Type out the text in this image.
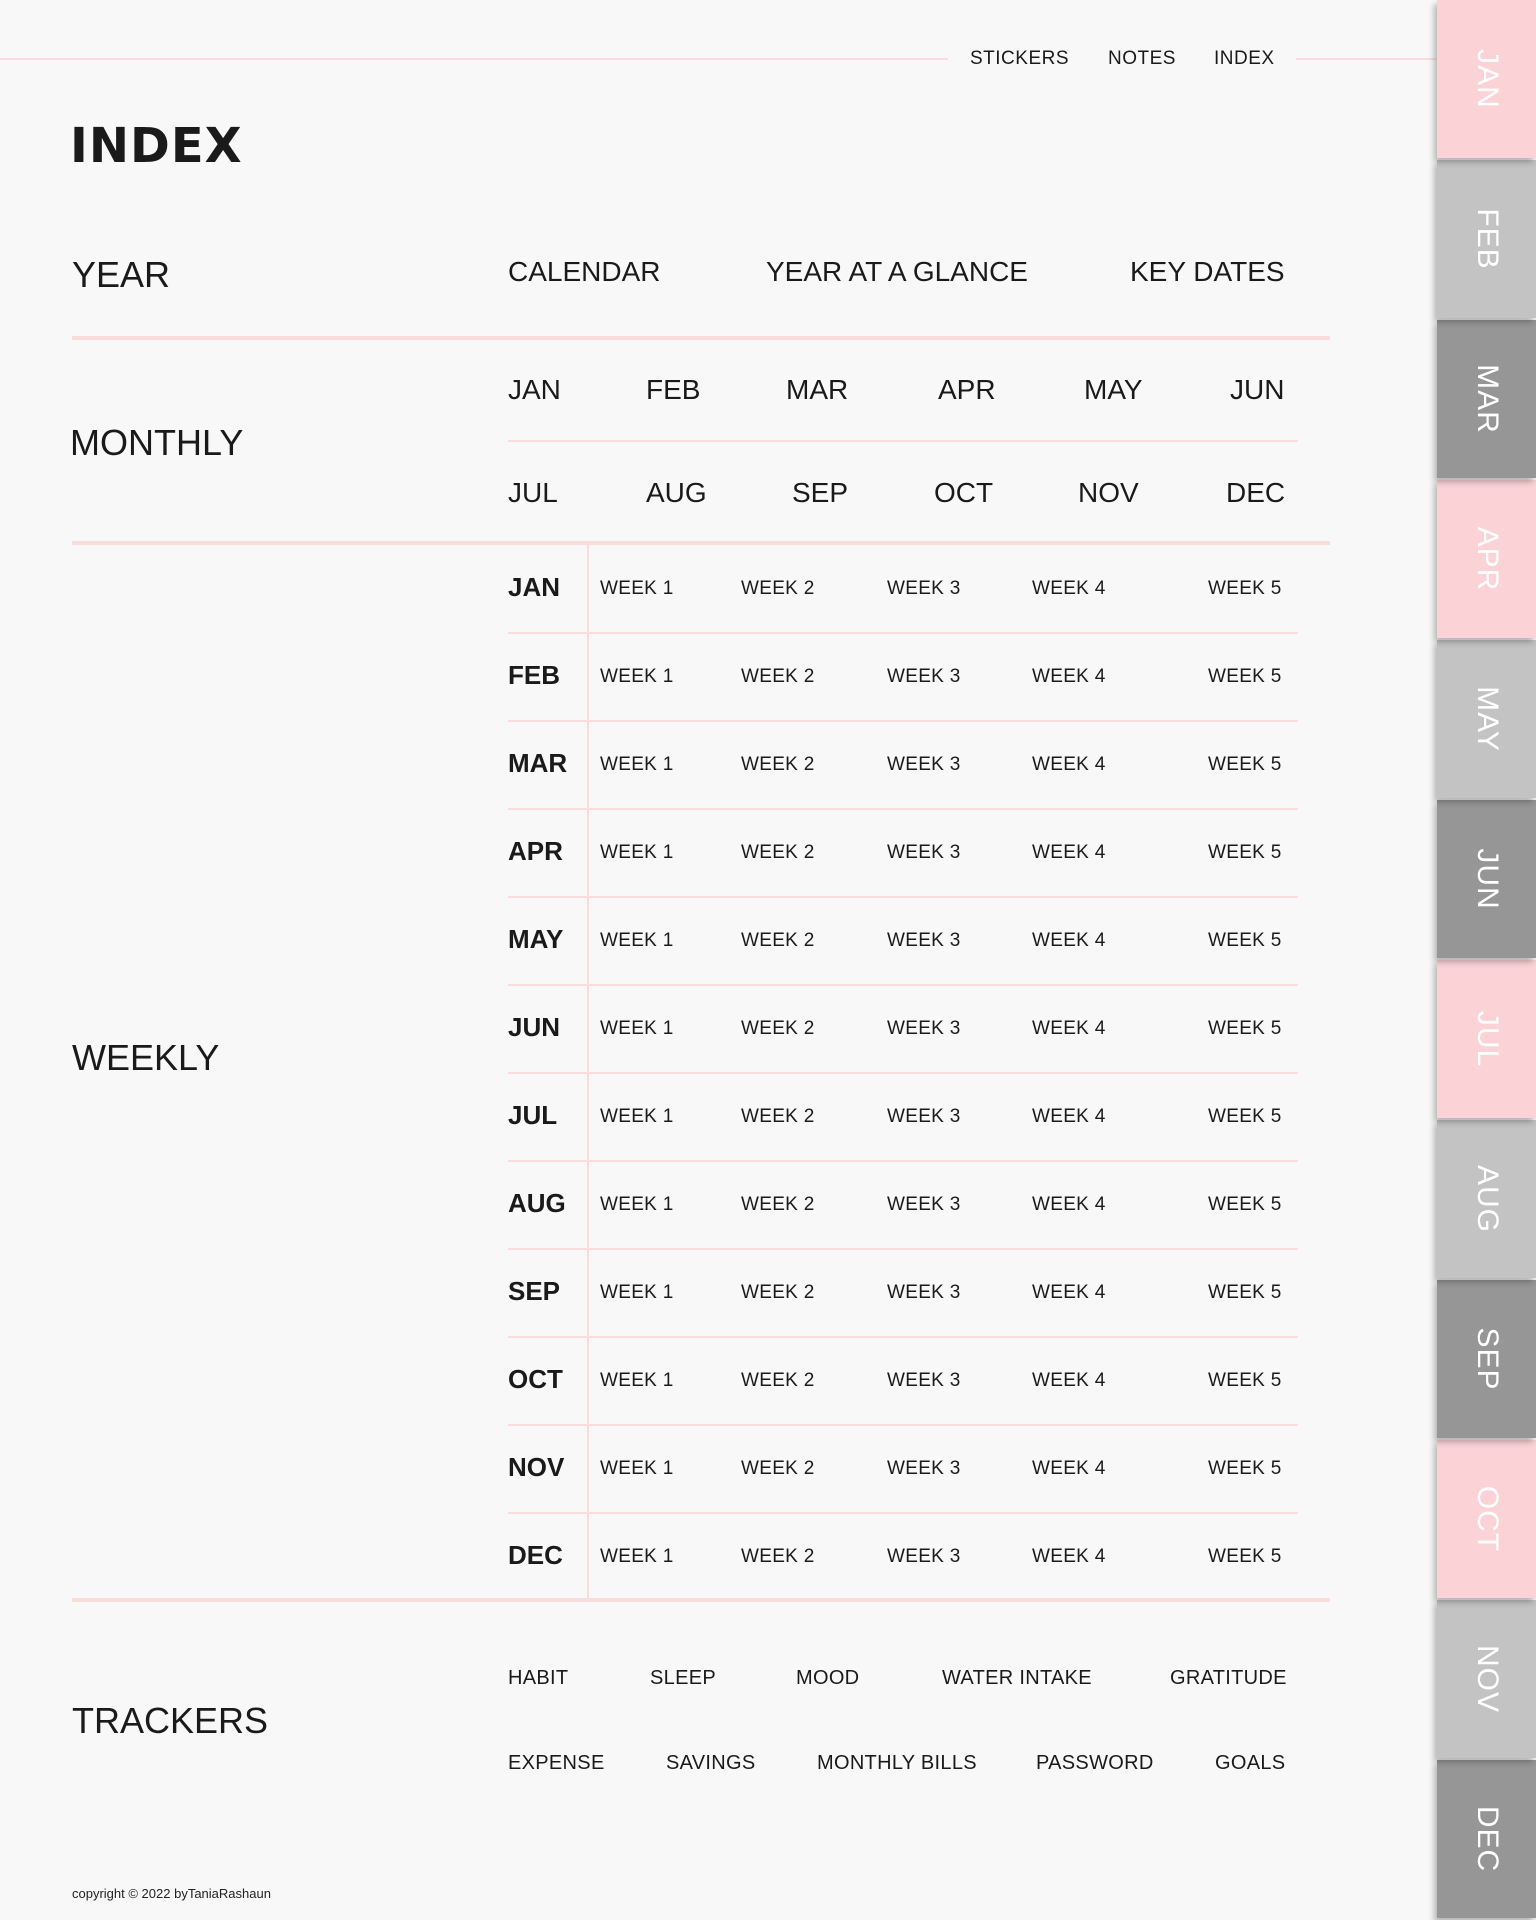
STICKERS NOTES INDEX
INDEX
YEAR	CALENDAR	YEAR AT A GLANCE	KEY DATES
MONTHLY
JAN	FEB	MAR	APR	MAY	JUN
JUL	AUG	SEP	OCT	NOV	DEC
WEEKLY
JAN WEEK 1	WEEK 2	WEEK 3	WEEK 4	WEEK 5
FEB WEEK 1	WEEK 2	WEEK 3	WEEK 4	WEEK 5
MAR WEEK 1	WEEK 2	WEEK 3	WEEK 4	WEEK 5
APR WEEK 1	WEEK 2	WEEK 3	WEEK 4	WEEK 5
MAY WEEK 1	WEEK 2	WEEK 3	WEEK 4	WEEK 5
JUN WEEK 1	WEEK 2	WEEK 3	WEEK 4	WEEK 5
JUL WEEK 1	WEEK 2	WEEK 3	WEEK 4	WEEK 5
AUG WEEK 1	WEEK 2	WEEK 3	WEEK 4	WEEK 5
SEP WEEK 1	WEEK 2	WEEK 3	WEEK 4	WEEK 5
OCT WEEK 1	WEEK 2	WEEK 3	WEEK 4	WEEK 5
NOV WEEK 1	WEEK 2	WEEK 3	WEEK 4	WEEK 5
DEC WEEK 1	WEEK 2	WEEK 3	WEEK 4	WEEK 5
TRACKERS
HABIT	SLEEP	MOOD	WATER INTAKE	GRATITUDE
EXPENSE	SAVINGS	MONTHLY BILLS	PASSWORD	GOALS
copyright © 2022 byTaniaRashaun
JAN
FEB
MAR
APR
MAY
JUN
JUL
AUG
SEP
OCT
NOV
DEC
